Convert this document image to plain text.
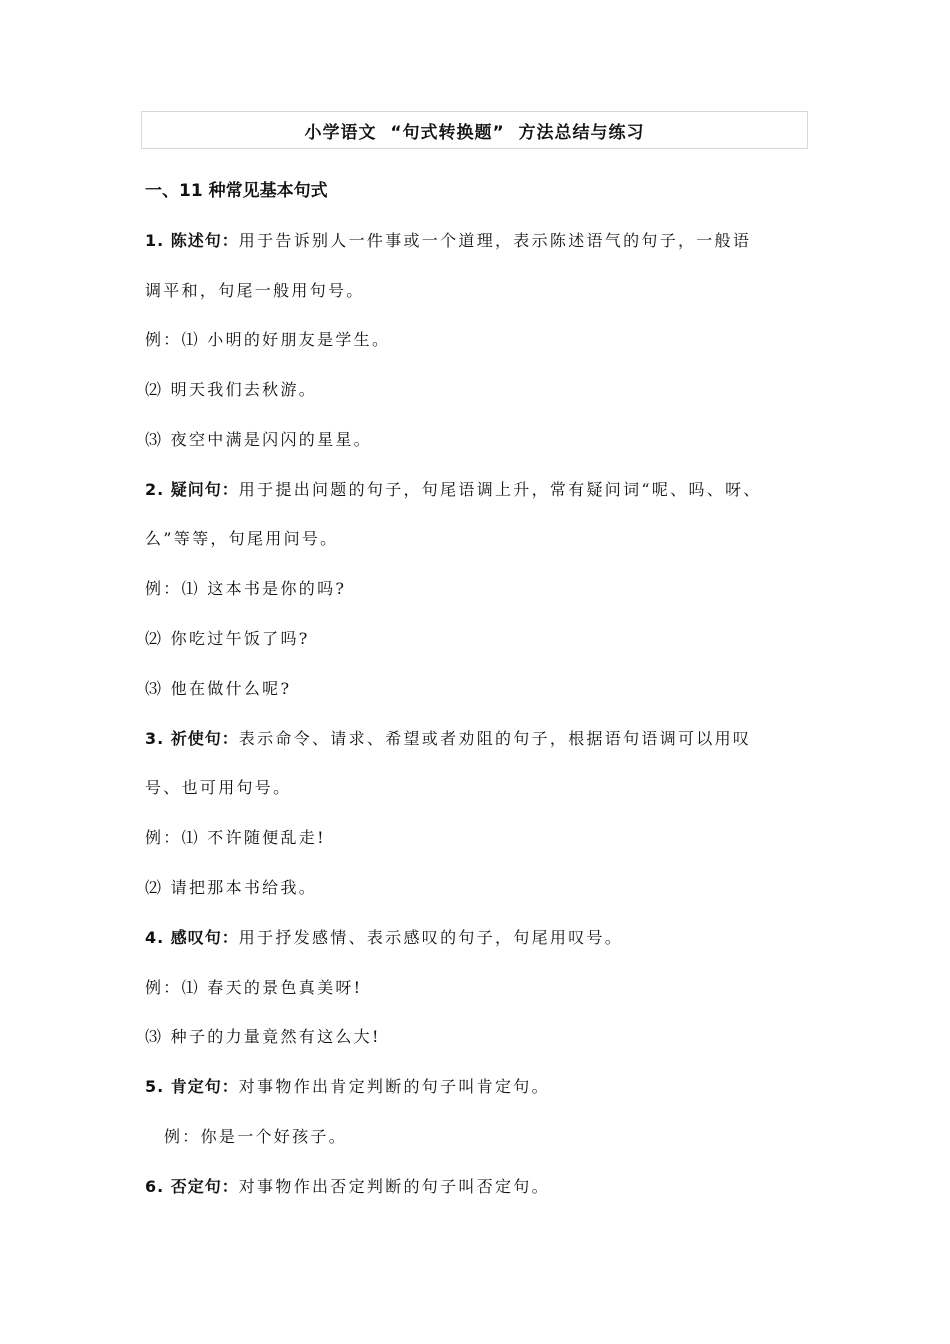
小学语文  “句式转换题”  方法总结与练习
一、11 种常见基本句式
1. 陈述句：用于告诉别人一件事或一个道理，表示陈述语气的句子，一般语
调平和，句尾一般用句号。
例：⑴ 小明的好朋友是学生。
⑵ 明天我们去秋游。
⑶ 夜空中满是闪闪的星星。
2. 疑问句：用于提出问题的句子，句尾语调上升，常有疑问词“呢、吗、呀、
么”等等，句尾用问号。
例：⑴ 这本书是你的吗?
⑵ 你吃过午饭了吗?
⑶ 他在做什么呢?
3. 祈使句：表示命令、请求、希望或者劝阻的句子，根据语句语调可以用叹
号、也可用句号。
例：⑴ 不许随便乱走!
⑵ 请把那本书给我。
4. 感叹句：用于抒发感情、表示感叹的句子，句尾用叹号。
例：⑴ 春天的景色真美呀!
⑶ 种子的力量竟然有这么大!
5. 肯定句：对事物作出肯定判断的句子叫肯定句。
例：你是一个好孩子。
6. 否定句：对事物作出否定判断的句子叫否定句。
